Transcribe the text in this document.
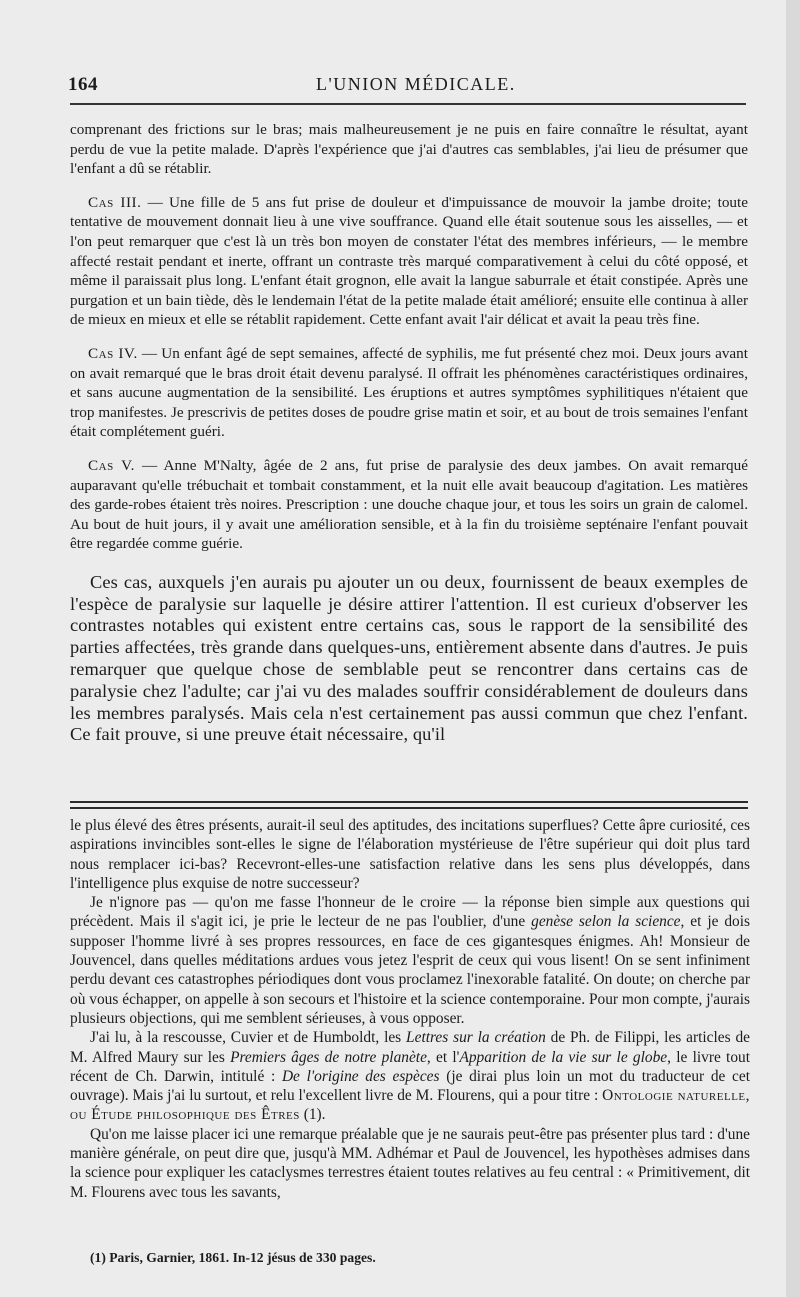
164	L'UNION MÉDICALE.

comprenant des frictions sur le bras; mais malheureusement je ne puis en faire connaître le résultat, ayant perdu de vue la petite malade. D'après l'expérience que j'ai d'autres cas semblables, j'ai lieu de présumer que l'enfant a dû se rétablir.

Cas III. — Une fille de 5 ans fut prise de douleur et d'impuissance de mouvoir la jambe droite; toute tentative de mouvement donnait lieu à une vive souffrance. Quand elle était soutenue sous les aisselles, — et l'on peut remarquer que c'est là un très bon moyen de constater l'état des membres inférieurs, — le membre affecté restait pendant et inerte, offrant un contraste très marqué comparativement à celui du côté opposé, et même il paraissait plus long. L'enfant était grognon, elle avait la langue saburrale et était constipée. Après une purgation et un bain tiède, dès le lendemain l'état de la petite malade était amélioré; ensuite elle continua à aller de mieux en mieux et elle se rétablit rapidement. Cette enfant avait l'air délicat et avait la peau très fine.

Cas IV. — Un enfant âgé de sept semaines, affecté de syphilis, me fut présenté chez moi. Deux jours avant on avait remarqué que le bras droit était devenu paralysé. Il offrait les phénomènes caractéristiques ordinaires, et sans aucune augmentation de la sensibilité. Les éruptions et autres symptômes syphilitiques n'étaient que trop manifestes. Je prescrivis de petites doses de poudre grise matin et soir, et au bout de trois semaines l'enfant était complétement guéri.

Cas V. — Anne M'Nalty, âgée de 2 ans, fut prise de paralysie des deux jambes. On avait remarqué auparavant qu'elle trébuchait et tombait constamment, et la nuit elle avait beaucoup d'agitation. Les matières des garde-robes étaient très noires. Prescription : une douche chaque jour, et tous les soirs un grain de calomel. Au bout de huit jours, il y avait une amélioration sensible, et à la fin du troisième septénaire l'enfant pouvait être regardée comme guérie.

Ces cas, auxquels j'en aurais pu ajouter un ou deux, fournissent de beaux exemples de l'espèce de paralysie sur laquelle je désire attirer l'attention. Il est curieux d'observer les contrastes notables qui existent entre certains cas, sous le rapport de la sensibilité des parties affectées, très grande dans quelques-uns, entièrement absente dans d'autres. Je puis remarquer que quelque chose de semblable peut se rencontrer dans certains cas de paralysie chez l'adulte; car j'ai vu des malades souffrir considérablement de douleurs dans les membres paralysés. Mais cela n'est certainement pas aussi commun que chez l'enfant. Ce fait prouve, si une preuve était nécessaire, qu'il

le plus élevé des êtres présents, aurait-il seul des aptitudes, des incitations superflues? Cette âpre curiosité, ces aspirations invincibles sont-elles le signe de l'élaboration mystérieuse de l'être supérieur qui doit plus tard nous remplacer ici-bas? Recevront-elles-une satisfaction relative dans les sens plus développés, dans l'intelligence plus exquise de notre successeur?

Je n'ignore pas — qu'on me fasse l'honneur de le croire — la réponse bien simple aux questions qui précèdent. Mais il s'agit ici, je prie le lecteur de ne pas l'oublier, d'une genèse selon la science, et je dois supposer l'homme livré à ses propres ressources, en face de ces gigantesques énigmes. Ah! Monsieur de Jouvencel, dans quelles méditations ardues vous jetez l'esprit de ceux qui vous lisent! On se sent infiniment perdu devant ces catastrophes périodiques dont vous proclamez l'inexorable fatalité. On doute; on cherche par où vous échapper, on appelle à son secours et l'histoire et la science contemporaine. Pour mon compte, j'aurais plusieurs objections, qui me semblent sérieuses, à vous opposer.

J'ai lu, à la rescousse, Cuvier et de Humboldt, les Lettres sur la création de Ph. de Filippi, les articles de M. Alfred Maury sur les Premiers âges de notre planète, et l'Apparition de la vie sur le globe, le livre tout récent de Ch. Darwin, intitulé : De l'origine des espèces (je dirai plus loin un mot du traducteur de cet ouvrage). Mais j'ai lu surtout, et relu l'excellent livre de M. Flourens, qui a pour titre : Ontologie naturelle, ou Étude philosophique des Êtres (1).

Qu'on me laisse placer ici une remarque préalable que je ne saurais peut-être pas présenter plus tard : d'une manière générale, on peut dire que, jusqu'à MM. Adhémar et Paul de Jouvencel, les hypothèses admises dans la science pour expliquer les cataclysmes terrestres étaient toutes relatives au feu central : « Primitivement, dit M. Flourens avec tous les savants,

(1) Paris, Garnier, 1861. In-12 jésus de 330 pages.
